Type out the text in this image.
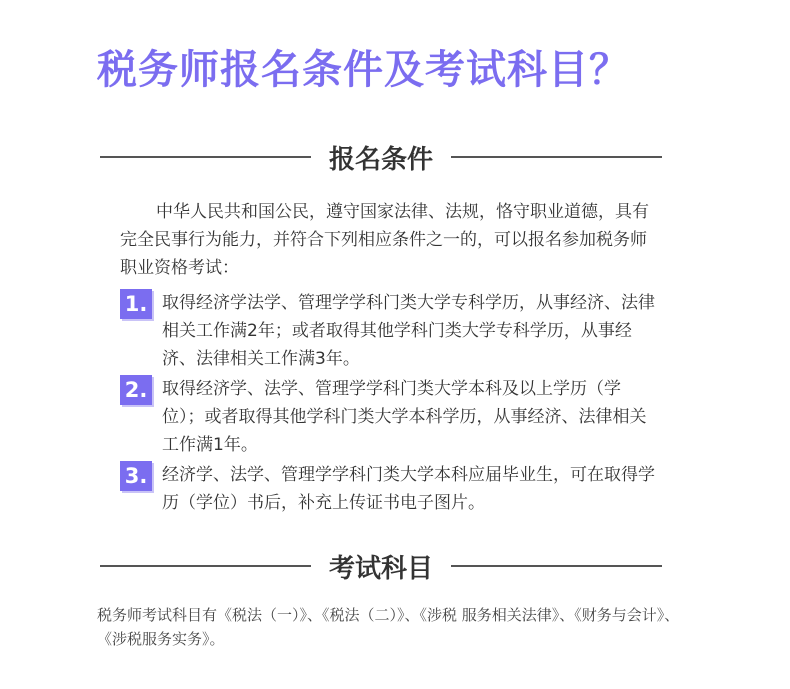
税务师报名条件及考试科目？
报名条件

中华人民共和国公民，遵守国家法律、法规，恪守职业道德，具有完全民事行为能力，并符合下列相应条件之一的，可以报名参加税务师职业资格考试：

1. 取得经济学法学、管理学学科门类大学专科学历，从事经济、法律相关工作满2年；或者取得其他学科门类大学专科学历，从事经济、法律相关工作满3年。

2. 取得经济学、法学、管理学学科门类大学本科及以上学历（学位）；或者取得其他学科门类大学本科学历，从事经济、法律相关工作满1年。

3. 经济学、法学、管理学学科门类大学本科应届毕业生，可在取得学历（学位）书后，补充上传证书电子图片。

考试科目

税务师考试科目有《税法（一）》、《税法（二）》、《涉税 服务相关法律》、《财务与会计》、《涉税服务实务》。
